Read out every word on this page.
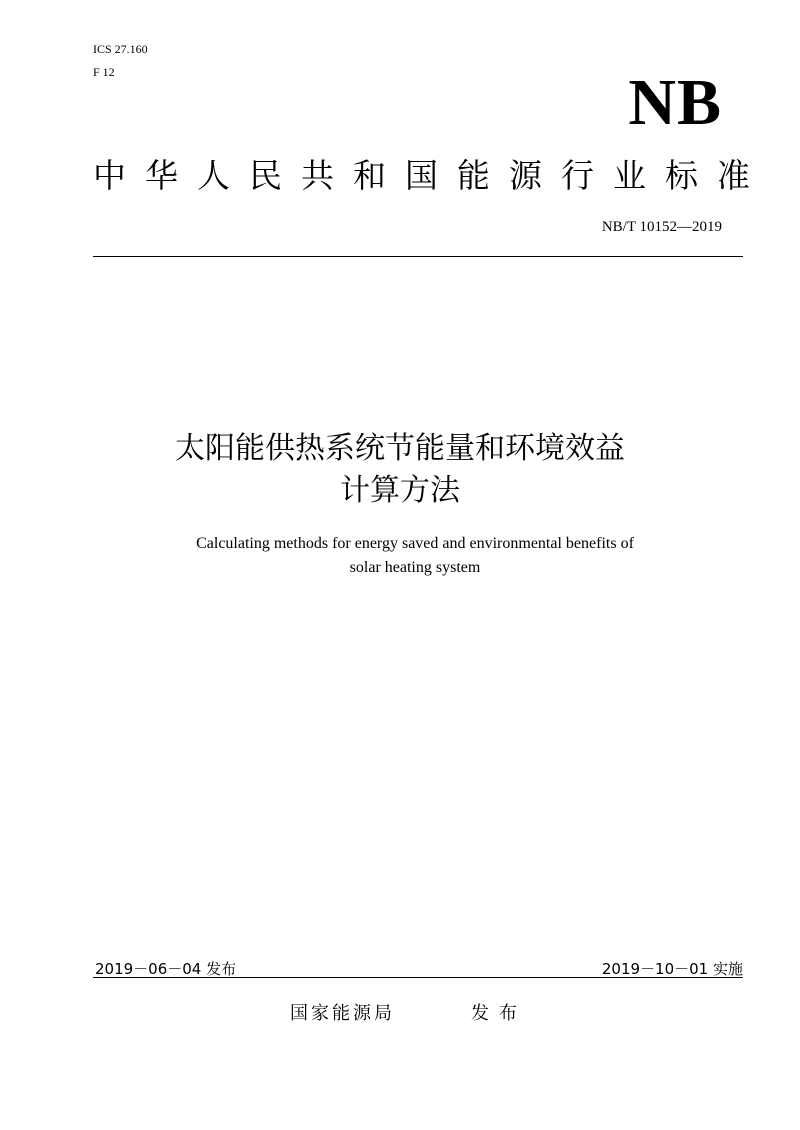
ICS 27.160
F 12	NB
中 华 人 民 共 和 国 能 源 行 业 标 准
NB/T 10152—2019
太阳能供热系统节能量和环境效益
计算方法
Calculating methods for energy saved and environmental benefits of
solar heating system
2019－06－04 发布	2019－10－01 实施
国家能源局	发布
